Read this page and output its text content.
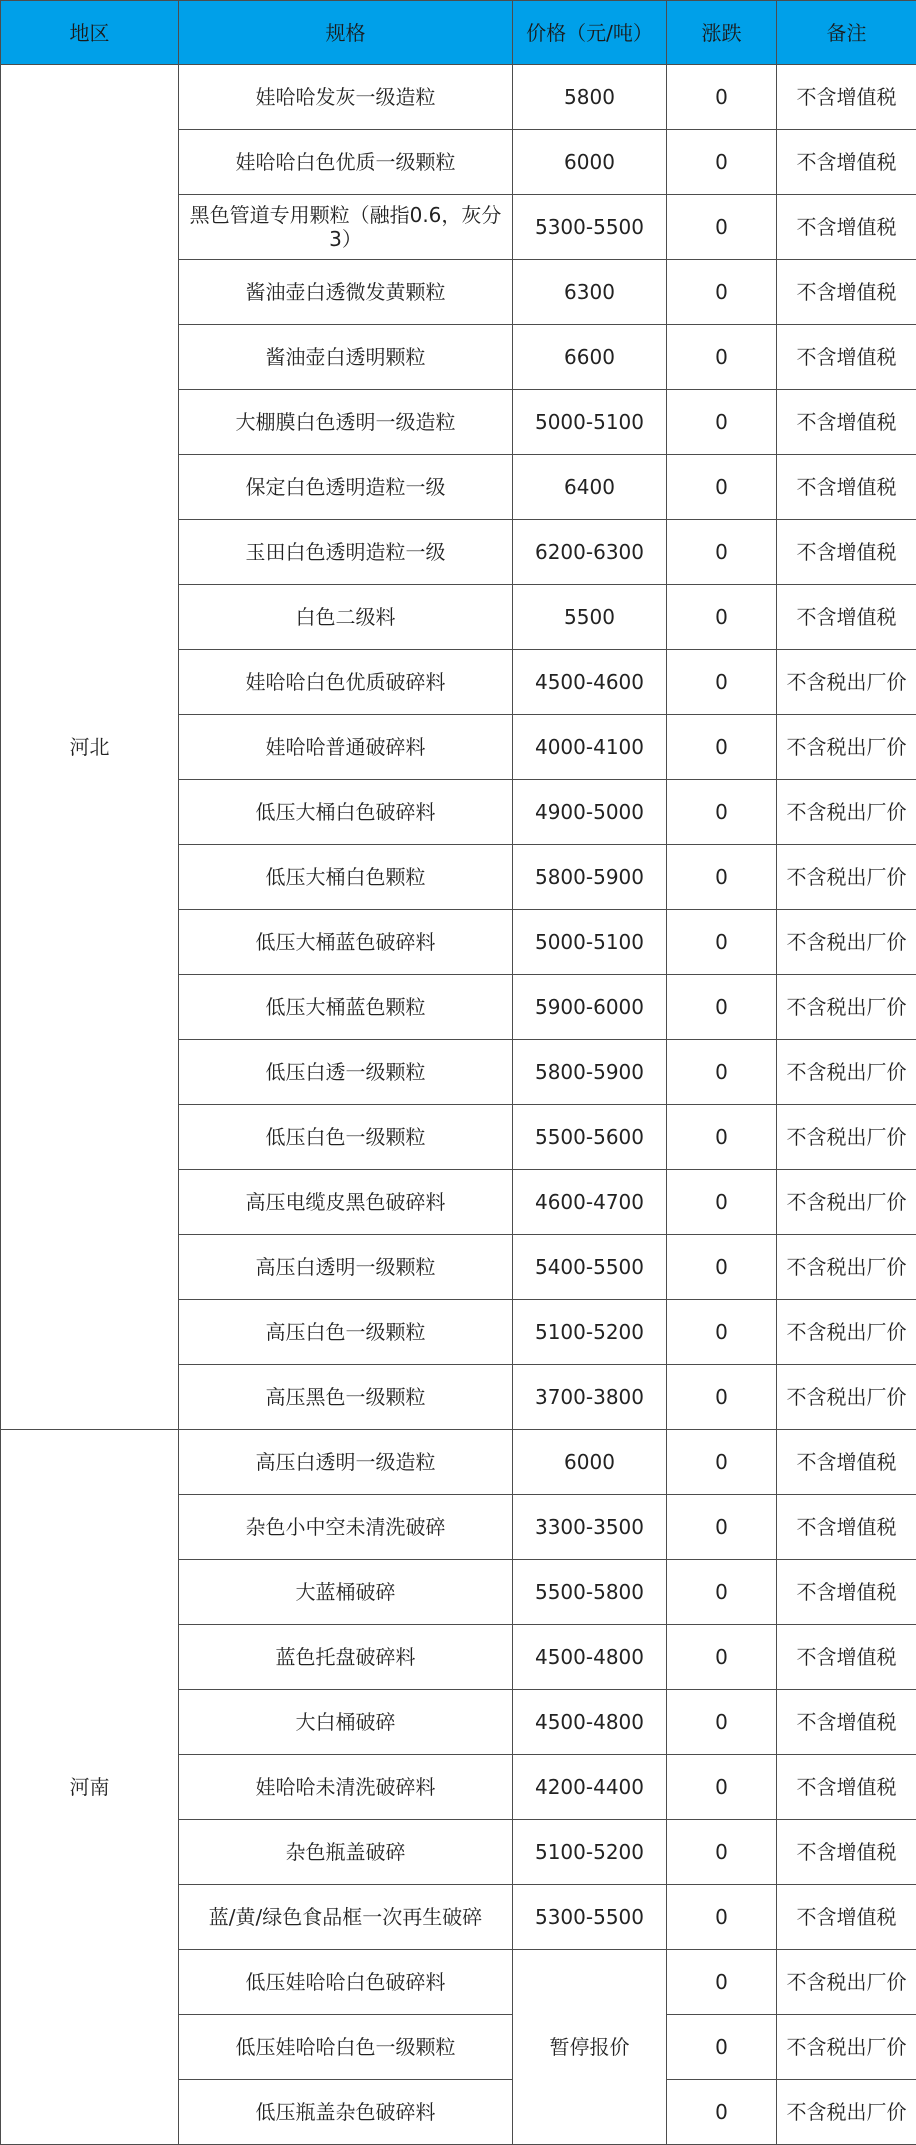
地区	规格	价格（元/吨）	涨跌	备注
河北	娃哈哈发灰一级造粒	5800	0	不含增值税
	娃哈哈白色优质一级颗粒	6000	0	不含增值税
	黑色管道专用颗粒（融指0.6，灰分3）	5300-5500	0	不含增值税
	酱油壶白透微发黄颗粒	6300	0	不含增值税
	酱油壶白透明颗粒	6600	0	不含增值税
	大棚膜白色透明一级造粒	5000-5100	0	不含增值税
	保定白色透明造粒一级	6400	0	不含增值税
	玉田白色透明造粒一级	6200-6300	0	不含增值税
	白色二级料	5500	0	不含增值税
	娃哈哈白色优质破碎料	4500-4600	0	不含税出厂价
	娃哈哈普通破碎料	4000-4100	0	不含税出厂价
	低压大桶白色破碎料	4900-5000	0	不含税出厂价
	低压大桶白色颗粒	5800-5900	0	不含税出厂价
	低压大桶蓝色破碎料	5000-5100	0	不含税出厂价
	低压大桶蓝色颗粒	5900-6000	0	不含税出厂价
	低压白透一级颗粒	5800-5900	0	不含税出厂价
	低压白色一级颗粒	5500-5600	0	不含税出厂价
	高压电缆皮黑色破碎料	4600-4700	0	不含税出厂价
	高压白透明一级颗粒	5400-5500	0	不含税出厂价
	高压白色一级颗粒	5100-5200	0	不含税出厂价
	高压黑色一级颗粒	3700-3800	0	不含税出厂价
河南	高压白透明一级造粒	6000	0	不含增值税
	杂色小中空未清洗破碎	3300-3500	0	不含增值税
	大蓝桶破碎	5500-5800	0	不含增值税
	蓝色托盘破碎料	4500-4800	0	不含增值税
	大白桶破碎	4500-4800	0	不含增值税
	娃哈哈未清洗破碎料	4200-4400	0	不含增值税
	杂色瓶盖破碎	5100-5200	0	不含增值税
	蓝/黄/绿色食品框一次再生破碎	5300-5500	0	不含增值税
	低压娃哈哈白色破碎料	暂停报价	0	不含税出厂价
	低压娃哈哈白色一级颗粒		0	不含税出厂价
	低压瓶盖杂色破碎料		0	不含税出厂价
